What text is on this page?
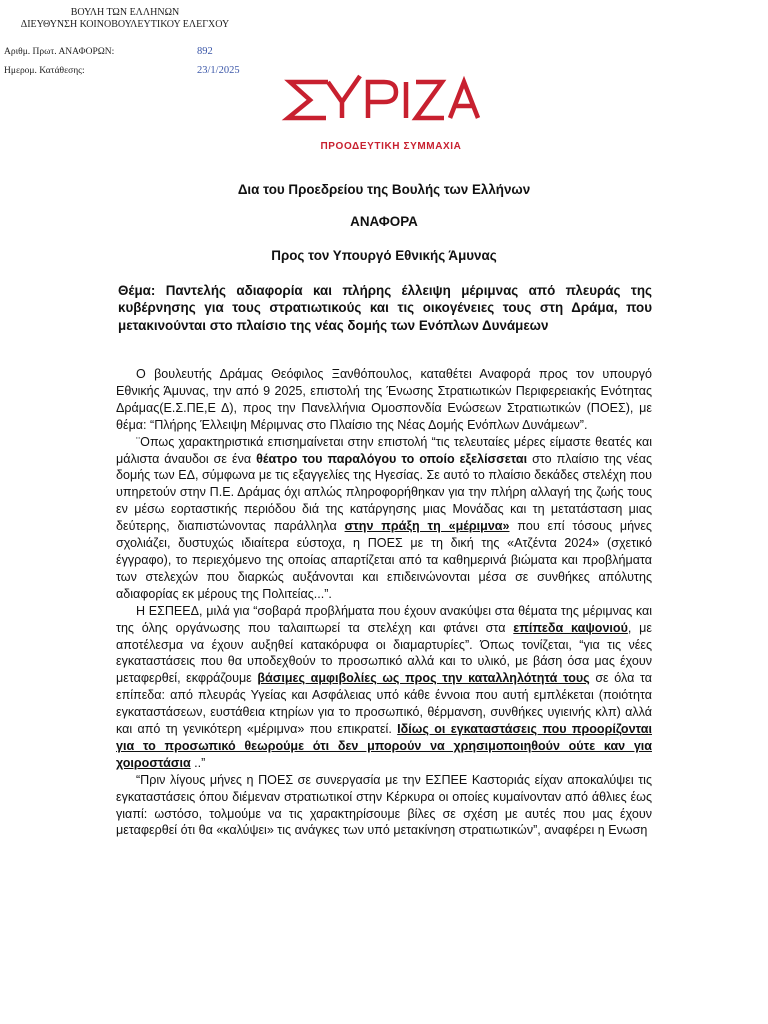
ΒΟΥΛΗ ΤΩΝ ΕΛΛΗΝΩΝ
ΔΙΕΥΘΥΝΣΗ ΚΟΙΝΟΒΟΥΛΕΥΤΙΚΟΥ ΕΛΕΓΧΟΥ
Αριθμ. Πρωτ. ΑΝΑΦΟΡΩΝ:	892
Ημερομ. Κατάθεσης:	23/1/2025
ΠΡΟΟΔΕΥΤΙΚΗ ΣΥΜΜΑΧΙΑ
Δια του Προεδρείου της Βουλής των Ελλήνων
ΑΝΑΦΟΡΑ
Προς τον Υπουργό Εθνικής Άμυνας
Θέμα: Παντελής αδιαφορία και πλήρης έλλειψη μέριμνας από πλευράς της κυβέρνησης για τους στρατιωτικούς και τις οικογένειες τους στη Δράμα, που μετακινούνται στο πλαίσιο της νέας δομής των Ενόπλων Δυνάμεων

Ο βουλευτής Δράμας Θεόφιλος Ξανθόπουλος, καταθέτει Αναφορά προς τον υπουργό Εθνικής Άμυνας, την από 9 2025, επιστολή της Ένωσης Στρατιωτικών Περιφερειακής Ενότητας Δράμας(Ε.Σ.ΠΕ,Ε Δ), προς την Πανελλήνια Ομοσπονδία Ενώσεων Στρατιωτικών (ΠΟΕΣ), με θέμα: “Πλήρης Έλλειψη Μέριμνας στο Πλαίσιο της Νέας Δομής Ενόπλων Δυνάμεων”.

¨Οπως χαρακτηριστικά επισημαίνεται στην επιστολή “τις τελευταίες μέρες είμαστε θεατές και μάλιστα άναυδοι σε ένα θέατρο του παραλόγου το οποίο εξελίσσεται στο πλαίσιο της νέας δομής των ΕΔ, σύμφωνα με τις εξαγγελίες της Ηγεσίας. Σε αυτό το πλαίσιο δεκάδες στελέχη που υπηρετούν στην Π.Ε. Δράμας όχι απλώς πληροφορήθηκαν για την πλήρη αλλαγή της ζωής τους εν μέσω εορταστικής περιόδου διά της κατάργησης μιας Μονάδας και τη μετατάσταση μιας δεύτερης, διαπιστώνοντας παράλληλα στην πράξη τη «μέριμνα» που επί τόσους μήνες σχολιάζει, δυστυχώς ιδιαίτερα εύστοχα, η ΠΟΕΣ με τη δική της «Ατζέντα 2024» (σχετικό έγγραφο), το περιεχόμενο της οποίας απαρτίζεται από τα καθημερινά βιώματα και προβλήματα των στελεχών που διαρκώς αυξάνονται και επιδεινώνονται μέσα σε συνθήκες απόλυτης αδιαφορίας εκ μέρους της Πολιτείας...”.

Η ΕΣΠΕΕΔ, μιλά για “σοβαρά προβλήματα που έχουν ανακύψει στα θέματα της μέριμνας και της όλης οργάνωσης που ταλαιπωρεί τα στελέχη και φτάνει στα επίπεδα καψονιού, με αποτέλεσμα να έχουν αυξηθεί κατακόρυφα οι διαμαρτυρίες”. Όπως τονίζεται, “για τις νέες εγκαταστάσεις που θα υποδεχθούν το προσωπικό αλλά και το υλικό, με βάση όσα μας έχουν μεταφερθεί, εκφράζουμε βάσιμες αμφιβολίες ως προς την καταλληλότητά τους σε όλα τα επίπεδα: από πλευράς Υγείας και Ασφάλειας υπό κάθε έννοια που αυτή εμπλέκεται (ποιότητα εγκαταστάσεων, ευστάθεια κτηρίων για το προσωπικό, θέρμανση, συνθήκες υγιεινής κλπ) αλλά και από τη γενικότερη «μέριμνα» που επικρατεί. Ιδίως οι εγκαταστάσεις που προορίζονται για το προσωπικό θεωρούμε ότι δεν μπορούν να χρησιμοποιηθούν ούτε καν για χοιροστάσια ..”

“Πριν λίγους μήνες η ΠΟΕΣ σε συνεργασία με την ΕΣΠΕΕ Καστοριάς είχαν αποκαλύψει τις εγκαταστάσεις όπου διέμεναν στρατιωτικοί στην Κέρκυρα οι οποίες κυμαίνονταν από άθλιες έως γιαπί: ωστόσο, τολμούμε να τις χαρακτηρίσουμε βίλες σε σχέση με αυτές που μας έχουν μεταφερθεί ότι θα «καλύψει» τις ανάγκες των υπό μετακίνηση στρατιωτικών”, αναφέρει η Ενωση
